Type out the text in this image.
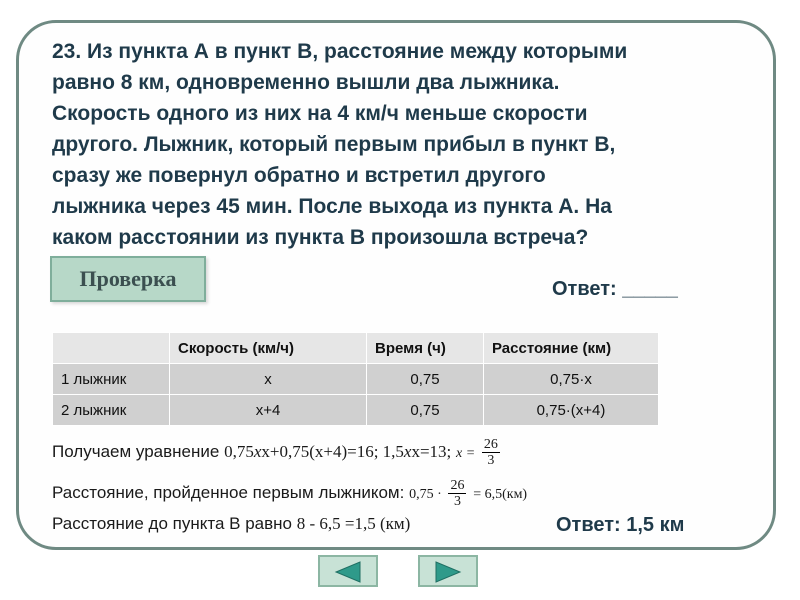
23. Из пункта А в пункт В, расстояние между которыми
равно 8 км, одновременно вышли два лыжника.
Скорость одного из них на 4 км/ч меньше скорости
другого. Лыжник, который первым прибыл в пункт В,
сразу же повернул обратно и встретил другого
лыжника через 45 мин. После выхода из пункта А. На
каком расстоянии из пункта В произошла встреча?
Проверка	Ответ: _____
	Скорость (км/ч)	Время (ч)	Расстояние (км)
1 лыжник	x	0,75	0,75·x
2 лыжник	x+4	0,75	0,75·(x+4)
Получаем уравнение 0,75xx+0,75(x+4)=16; 1,5xx=13; $x = \frac{26}{3}$
Расстояние, пройденное первым лыжником: $0,75 \cdot \frac{26}{3} = 6,5(км)$
Расстояние до пункта В равно 8 - 6,5 =1,5 (км)	Ответ: 1,5 км
